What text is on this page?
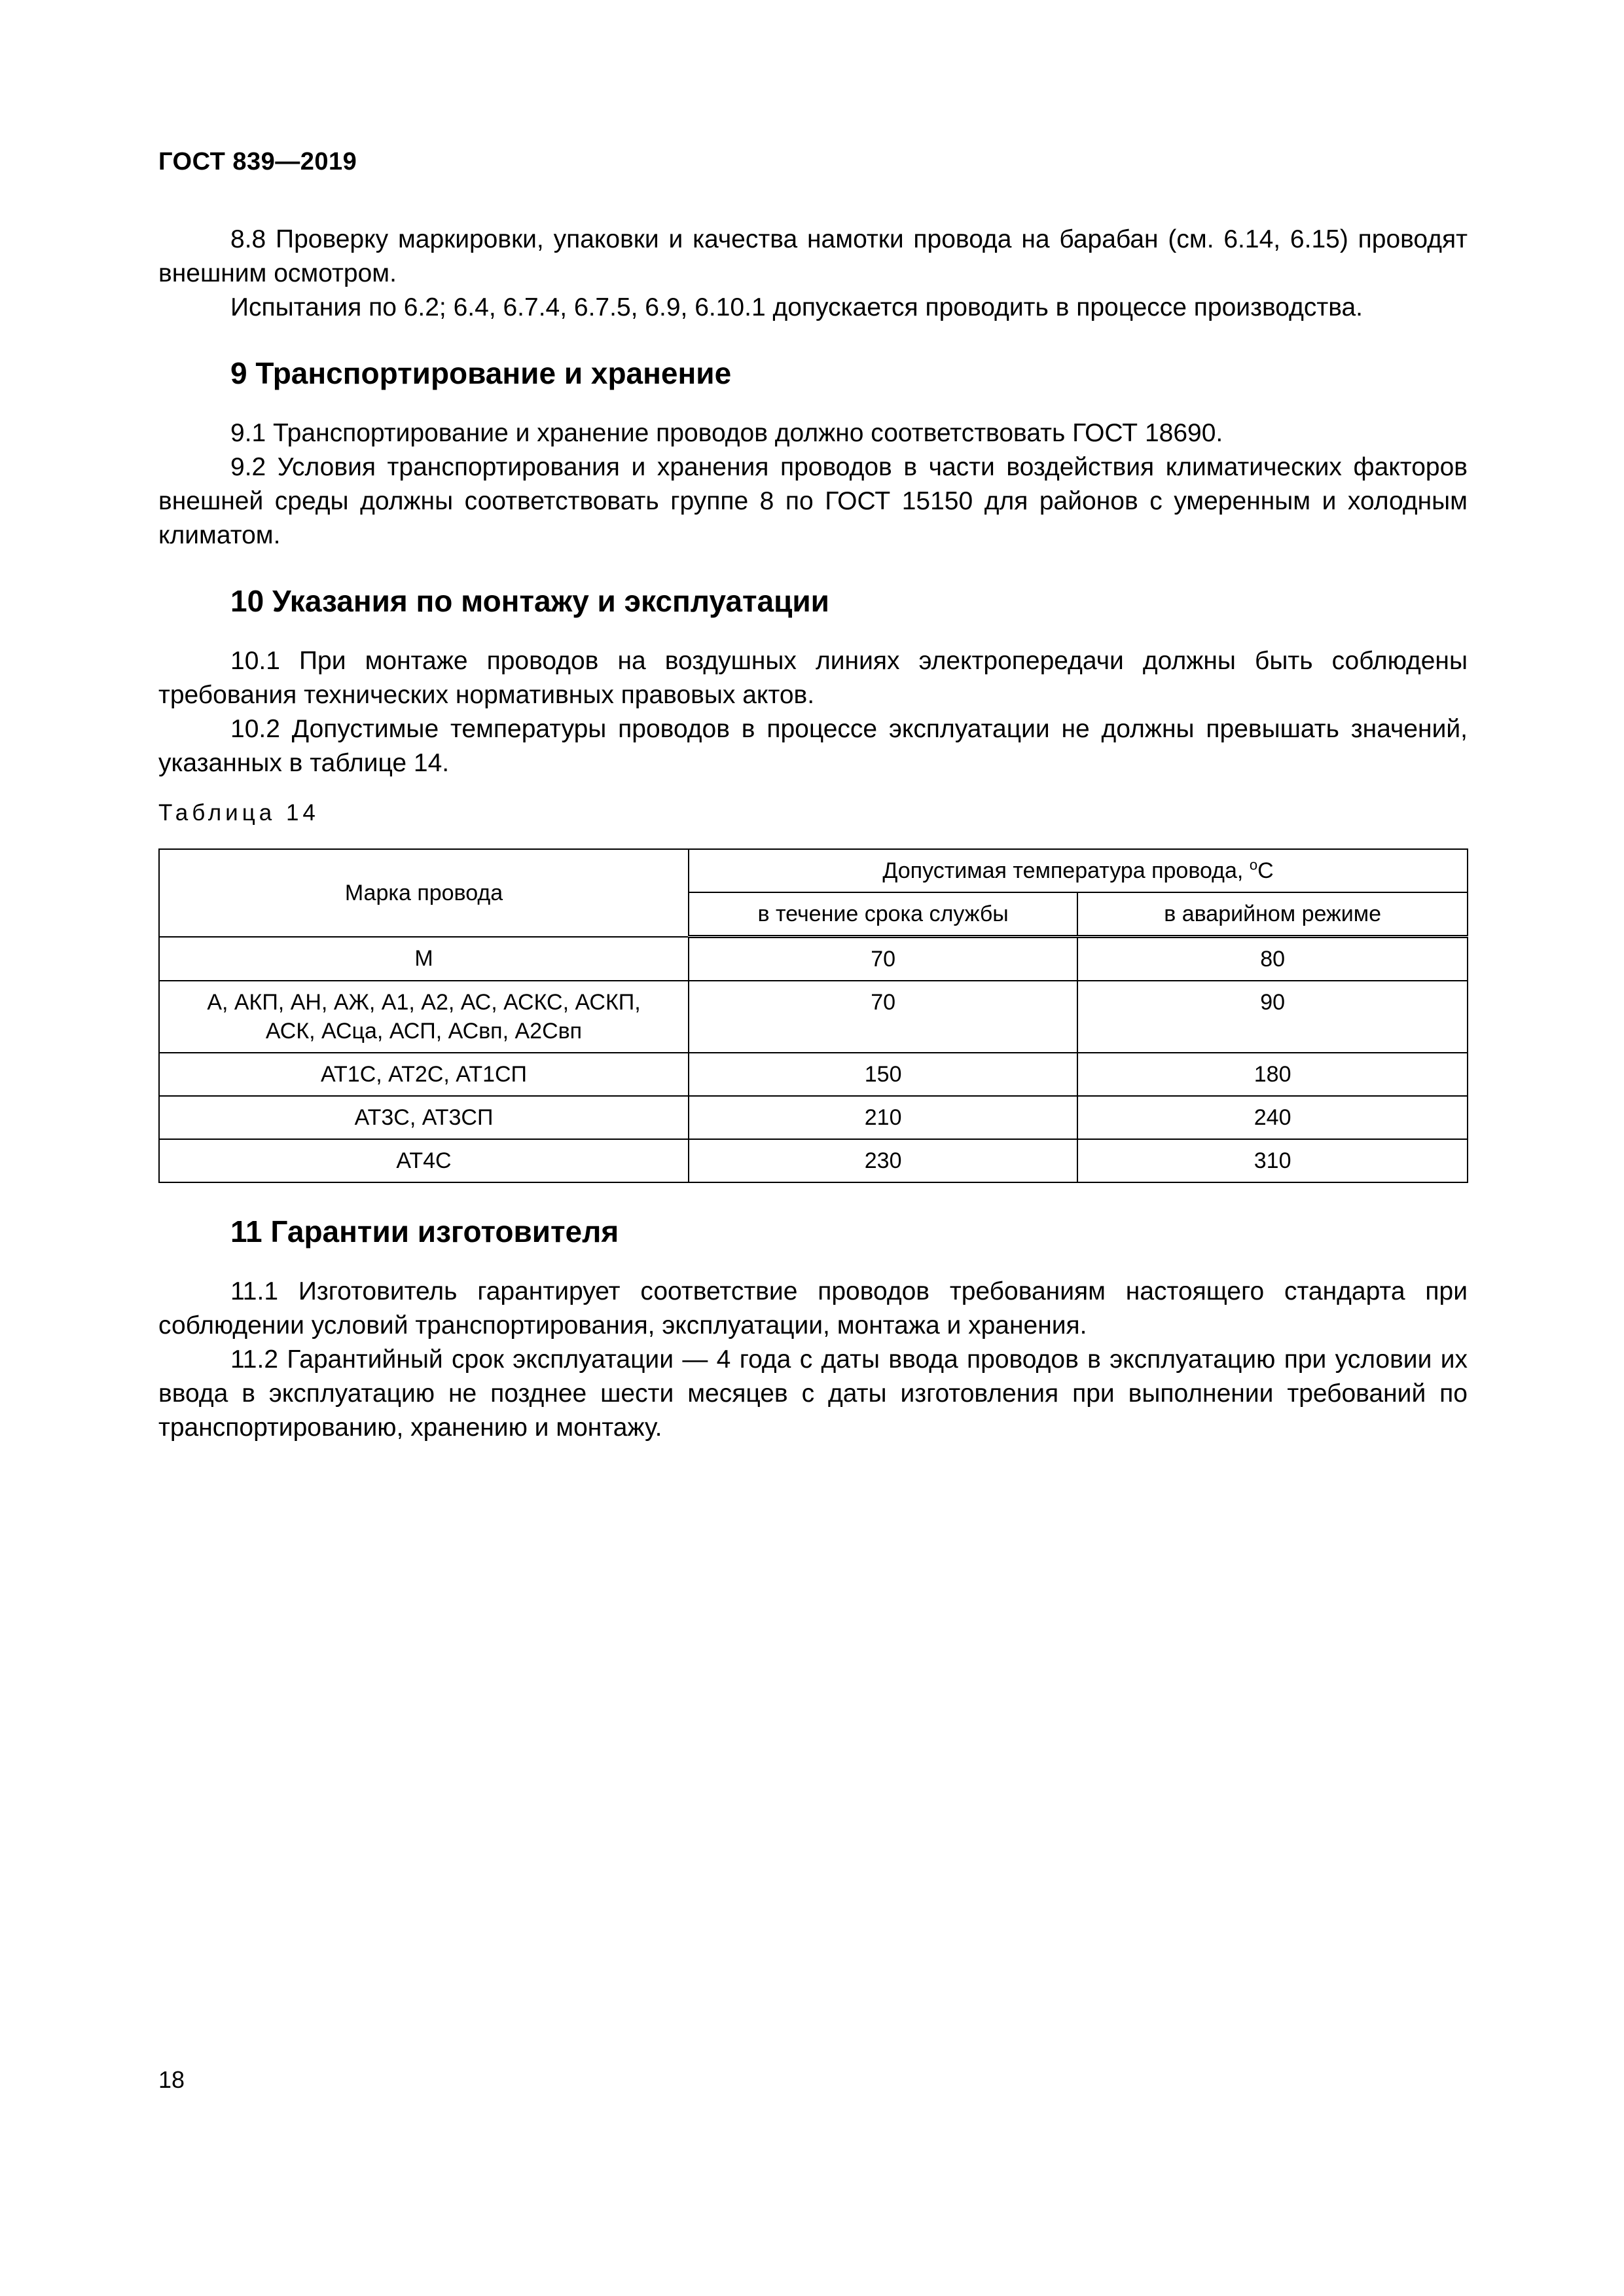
ГОСТ 839—2019

8.8 Проверку маркировки, упаковки и качества намотки провода на барабан (см. 6.14, 6.15) проводят внешним осмотром.

Испытания по 6.2; 6.4, 6.7.4, 6.7.5, 6.9, 6.10.1 допускается проводить в процессе производства.

9 Транспортирование и хранение

9.1 Транспортирование и хранение проводов должно соответствовать ГОСТ 18690.

9.2 Условия транспортирования и хранения проводов в части воздействия климатических факторов внешней среды должны соответствовать группе 8 по ГОСТ 15150 для районов с умеренным и холодным климатом.

10 Указания по монтажу и эксплуатации

10.1 При монтаже проводов на воздушных линиях электропередачи должны быть соблюдены требования технических нормативных правовых актов.

10.2 Допустимые температуры проводов в процессе эксплуатации не должны превышать значений, указанных в таблице 14.

Таблица 14
Марка провода	Допустимая температура провода, $^о$С	
	в течение срока службы	в аварийном режиме
М	70	80

А, АКП, АН, АЖ, А1, А2, АС, АСКС, АСКП,
АСК, АСца, АСП, АСвп, А2Свп	70	90
АТ1С, АТ2С, АТ1СП	150	180
АТ3С, АТ3СП	210	240
АТ4С	230	310
11 Гарантии изготовителя

11.1 Изготовитель гарантирует соответствие проводов требованиям настоящего стандарта при соблюдении условий транспортирования, эксплуатации, монтажа и хранения.

11.2 Гарантийный срок эксплуатации — 4 года с даты ввода проводов в эксплуатацию при условии их ввода в эксплуатацию не позднее шести месяцев с даты изготовления при выполнении требований по транспортированию, хранению и монтажу.

18
